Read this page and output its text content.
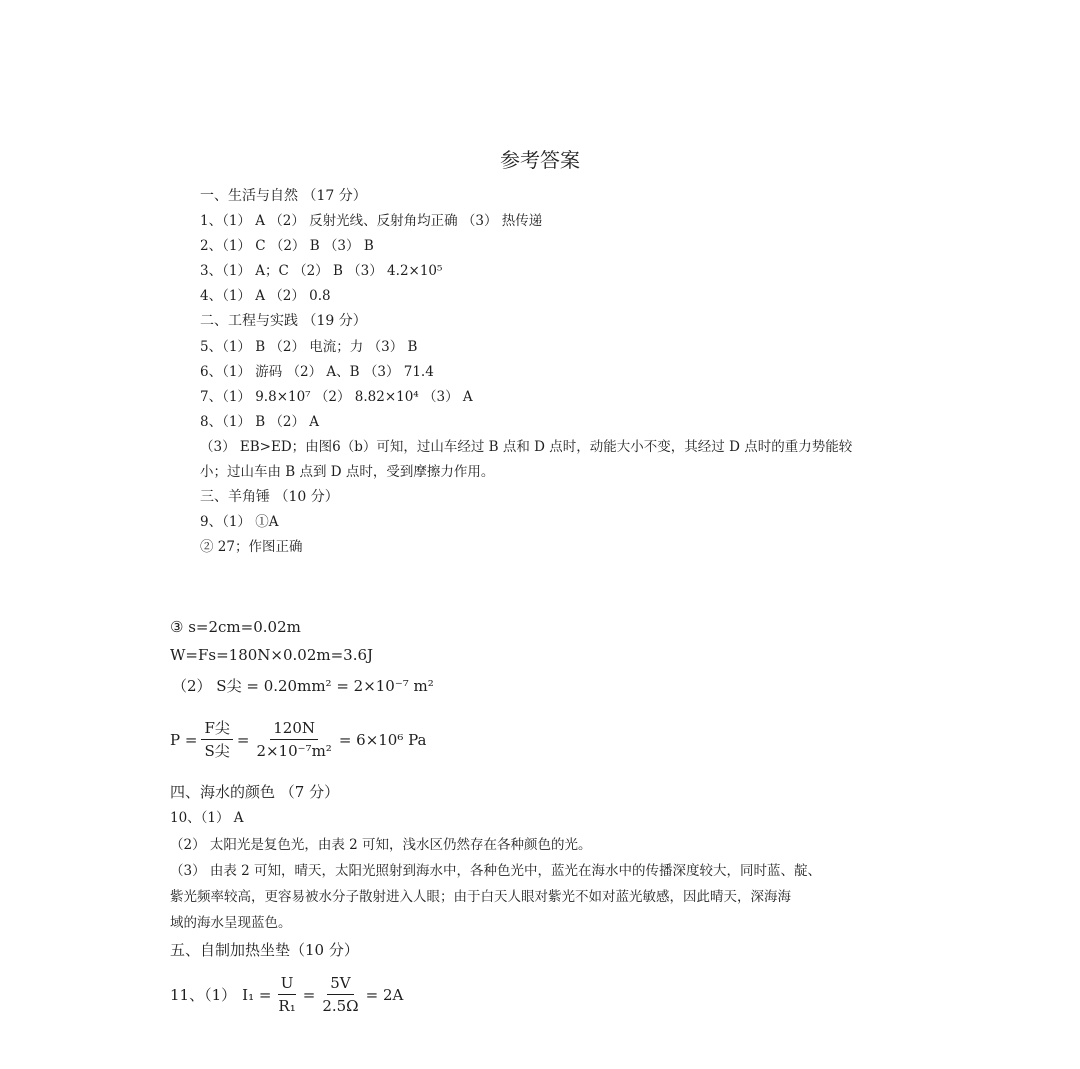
参考答案
一、生活与自然 （17 分）
1、（1） A （2） 反射光线、反射角均正确 （3） 热传递
2、（1） C （2） B （3） B
3、（1） A；C （2） B （3） 4.2×10⁵
4、（1） A （2） 0.8
二、工程与实践 （19 分）
5、（1） B （2） 电流；力 （3） B
6、（1） 游码 （2） A、B （3） 71.4
7、（1） 9.8×10⁷ （2） 8.82×10⁴ （3） A
8、（1） B （2） A
（3） EB>ED；由图6（b）可知，过山车经过 B 点和 D 点时，动能大小不变，其经过 D 点时的重力势能较
小；过山车由 B 点到 D 点时，受到摩擦力作用。
三、羊角锤 （10 分）
9、（1） ①A
② 27；作图正确
③ s=2cm=0.02m
W=Fs=180N×0.02m=3.6J
（2） S尖 = 0.20mm² = 2×10⁻⁷ m²
$P = \frac{\text{F尖}}{\text{S尖}} = \frac{120N}{\text{2×10⁻⁷m²}} = 6\times 10^6$ Pa
四、海水的颜色 （7 分）
10、（1） A
（2） 太阳光是复色光，由表 2 可知，浅水区仍然存在各种颜色的光。
（3） 由表 2 可知，晴天，太阳光照射到海水中，各种色光中，蓝光在海水中的传播深度较大，同时蓝、靛、
紫光频率较高，更容易被水分子散射进入人眼；由于白天人眼对紫光不如对蓝光敏感，因此晴天，深海海
域的海水呈现蓝色。
五、自制加热坐垫（10 分）
11、（1） $I_1 = \frac{U}{\text{R₁}} = \frac{5V}{2.5\Omega} = 2A$
